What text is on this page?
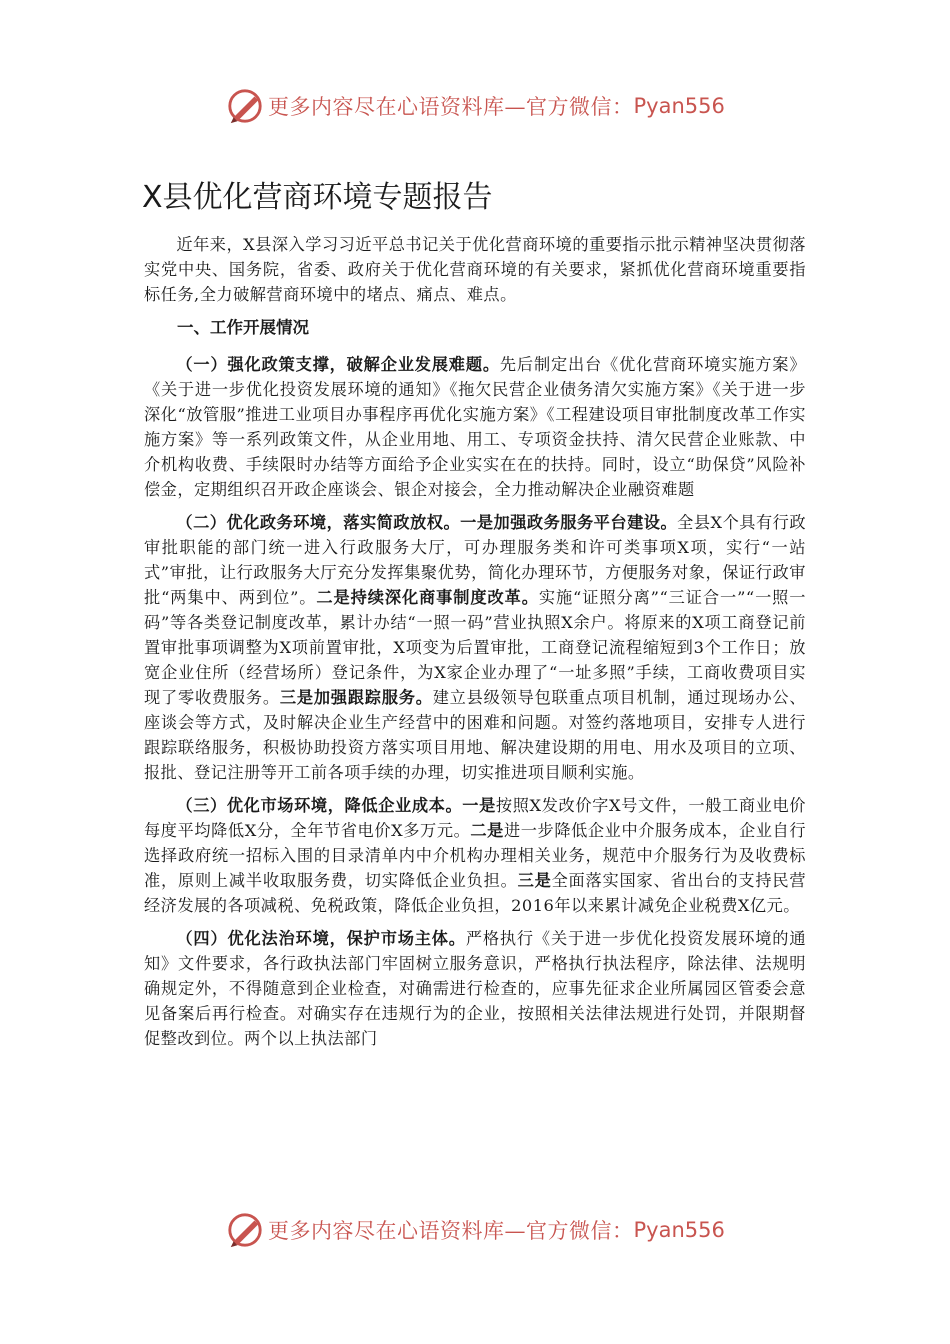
更多内容尽在心语资料库—官方微信： Pyan556
X县优化营商环境专题报告

近年来，X县深入学习习近平总书记关于优化营商环境的重要指示批示精神坚决贯彻落实党中央、国务院，省委、政府关于优化营商环境的有关要求，紧抓优化营商环境重要指标任务,全力破解营商环境中的堵点、痛点、难点。

一、工作开展情况

（一）强化政策支撑，破解企业发展难题。先后制定出台《优化营商环境实施方案》《关于进一步优化投资发展环境的通知》《拖欠民营企业债务清欠实施方案》《关于进一步深化“放管服”推进工业项目办事程序再优化实施方案》《工程建设项目审批制度改革工作实施方案》等一系列政策文件，从企业用地、用工、专项资金扶持、清欠民营企业账款、中介机构收费、手续限时办结等方面给予企业实实在在的扶持。同时，设立“助保贷”风险补偿金，定期组织召开政企座谈会、银企对接会，全力推动解决企业融资难题

（二）优化政务环境，落实简政放权。一是加强政务服务平台建设。全县X个具有行政审批职能的部门统一进入行政服务大厅，可办理服务类和许可类事项X项，实行“一站式”审批，让行政服务大厅充分发挥集聚优势，简化办理环节，方便服务对象，保证行政审批“两集中、两到位”。二是持续深化商事制度改革。实施“证照分离”“三证合一”“一照一码”等各类登记制度改革，累计办结“一照一码”营业执照X余户。将原来的X项工商登记前置审批事项调整为X项前置审批，X项变为后置审批，工商登记流程缩短到3个工作日；放宽企业住所（经营场所）登记条件，为X家企业办理了“一址多照”手续，工商收费项目实现了零收费服务。三是加强跟踪服务。建立县级领导包联重点项目机制，通过现场办公、座谈会等方式，及时解决企业生产经营中的困难和问题。对签约落地项目，安排专人进行跟踪联络服务，积极协助投资方落实项目用地、解决建设期的用电、用水及项目的立项、报批、登记注册等开工前各项手续的办理，切实推进项目顺利实施。

（三）优化市场环境，降低企业成本。一是按照X发改价字X号文件，一般工商业电价每度平均降低X分，全年节省电价X多万元。二是进一步降低企业中介服务成本，企业自行选择政府统一招标入围的目录清单内中介机构办理相关业务，规范中介服务行为及收费标准，原则上减半收取服务费，切实降低企业负担。三是全面落实国家、省出台的支持民营经济发展的各项减税、免税政策，降低企业负担，2016年以来累计减免企业税费X亿元。

（四）优化法治环境，保护市场主体。严格执行《关于进一步优化投资发展环境的通知》文件要求，各行政执法部门牢固树立服务意识，严格执行执法程序，除法律、法规明确规定外，不得随意到企业检查，对确需进行检查的，应事先征求企业所属园区管委会意见备案后再行检查。对确实存在违规行为的企业，按照相关法律法规进行处罚，并限期督促整改到位。两个以上执法部门

更多内容尽在心语资料库—官方微信： Pyan556
